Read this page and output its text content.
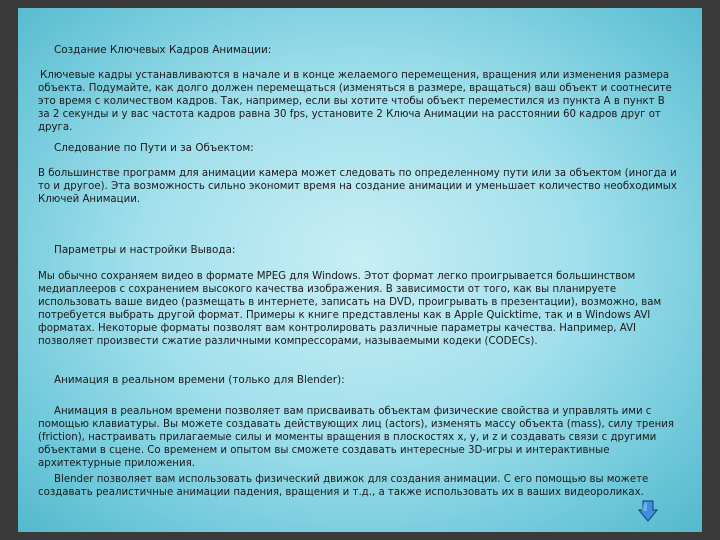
Создание Ключевых Кадров Анимации:

Ключевые кадры устанавливаются в начале и в конце желаемого перемещения, вращения или изменения размера объекта. Подумайте, как долго должен перемещаться (изменяться в размере, вращаться) ваш объект и соотнесите это время с количеством кадров. Так, например, если вы хотите чтобы объект переместился из пункта А в пункт В за 2 секунды и у вас частота кадров равна 30 fps, установите 2 Ключа Анимации на расстоянии 60 кадров друг от друга.

Следование по Пути и за Объектом:

В большинстве программ для анимации камера может следовать по определенному пути или за объектом (иногда и то и другое). Эта возможность сильно экономит время на создание анимации и уменьшает количество необходимых Ключей Анимации.

Параметры и настройки Вывода:

Мы обычно сохраняем видео в формате MPEG для Windows. Этот формат легко проигрывается большинством медиаплееров с сохранением высокого качества изображения. В зависимости от того, как вы планируете использовать ваше видео (размещать в интернете, записать на DVD, проигрывать в презентации), возможно, вам потребуется выбрать другой формат. Примеры к книге представлены как в Apple Quicktime, так и в Windows AVI форматах. Некоторые форматы позволят вам контролировать различные параметры качества. Например, AVI позволяет произвести сжатие различными компрессорами, называемыми кодеки (CODECs).

Анимация в реальном времени (только для Blender):

Анимация в реальном времени позволяет вам присваивать объектам физические свойства и управлять ими с помощью клавиатуры. Вы можете создавать действующих лиц (actors), изменять массу объекта (mass), силу трения (friction), настраивать прилагаемые силы и моменты вращения в плоскостях x, y, и z и создавать связи с другими объектами в сцене. Со временем и опытом вы сможете создавать интересные 3D-игры и интерактивные архитектурные приложения.

Blender позволяет вам использовать физический движок для создания анимации. С его помощью вы можете создавать реалистичные анимации падения, вращения и т.д., а также использовать их в ваших видеороликах.
